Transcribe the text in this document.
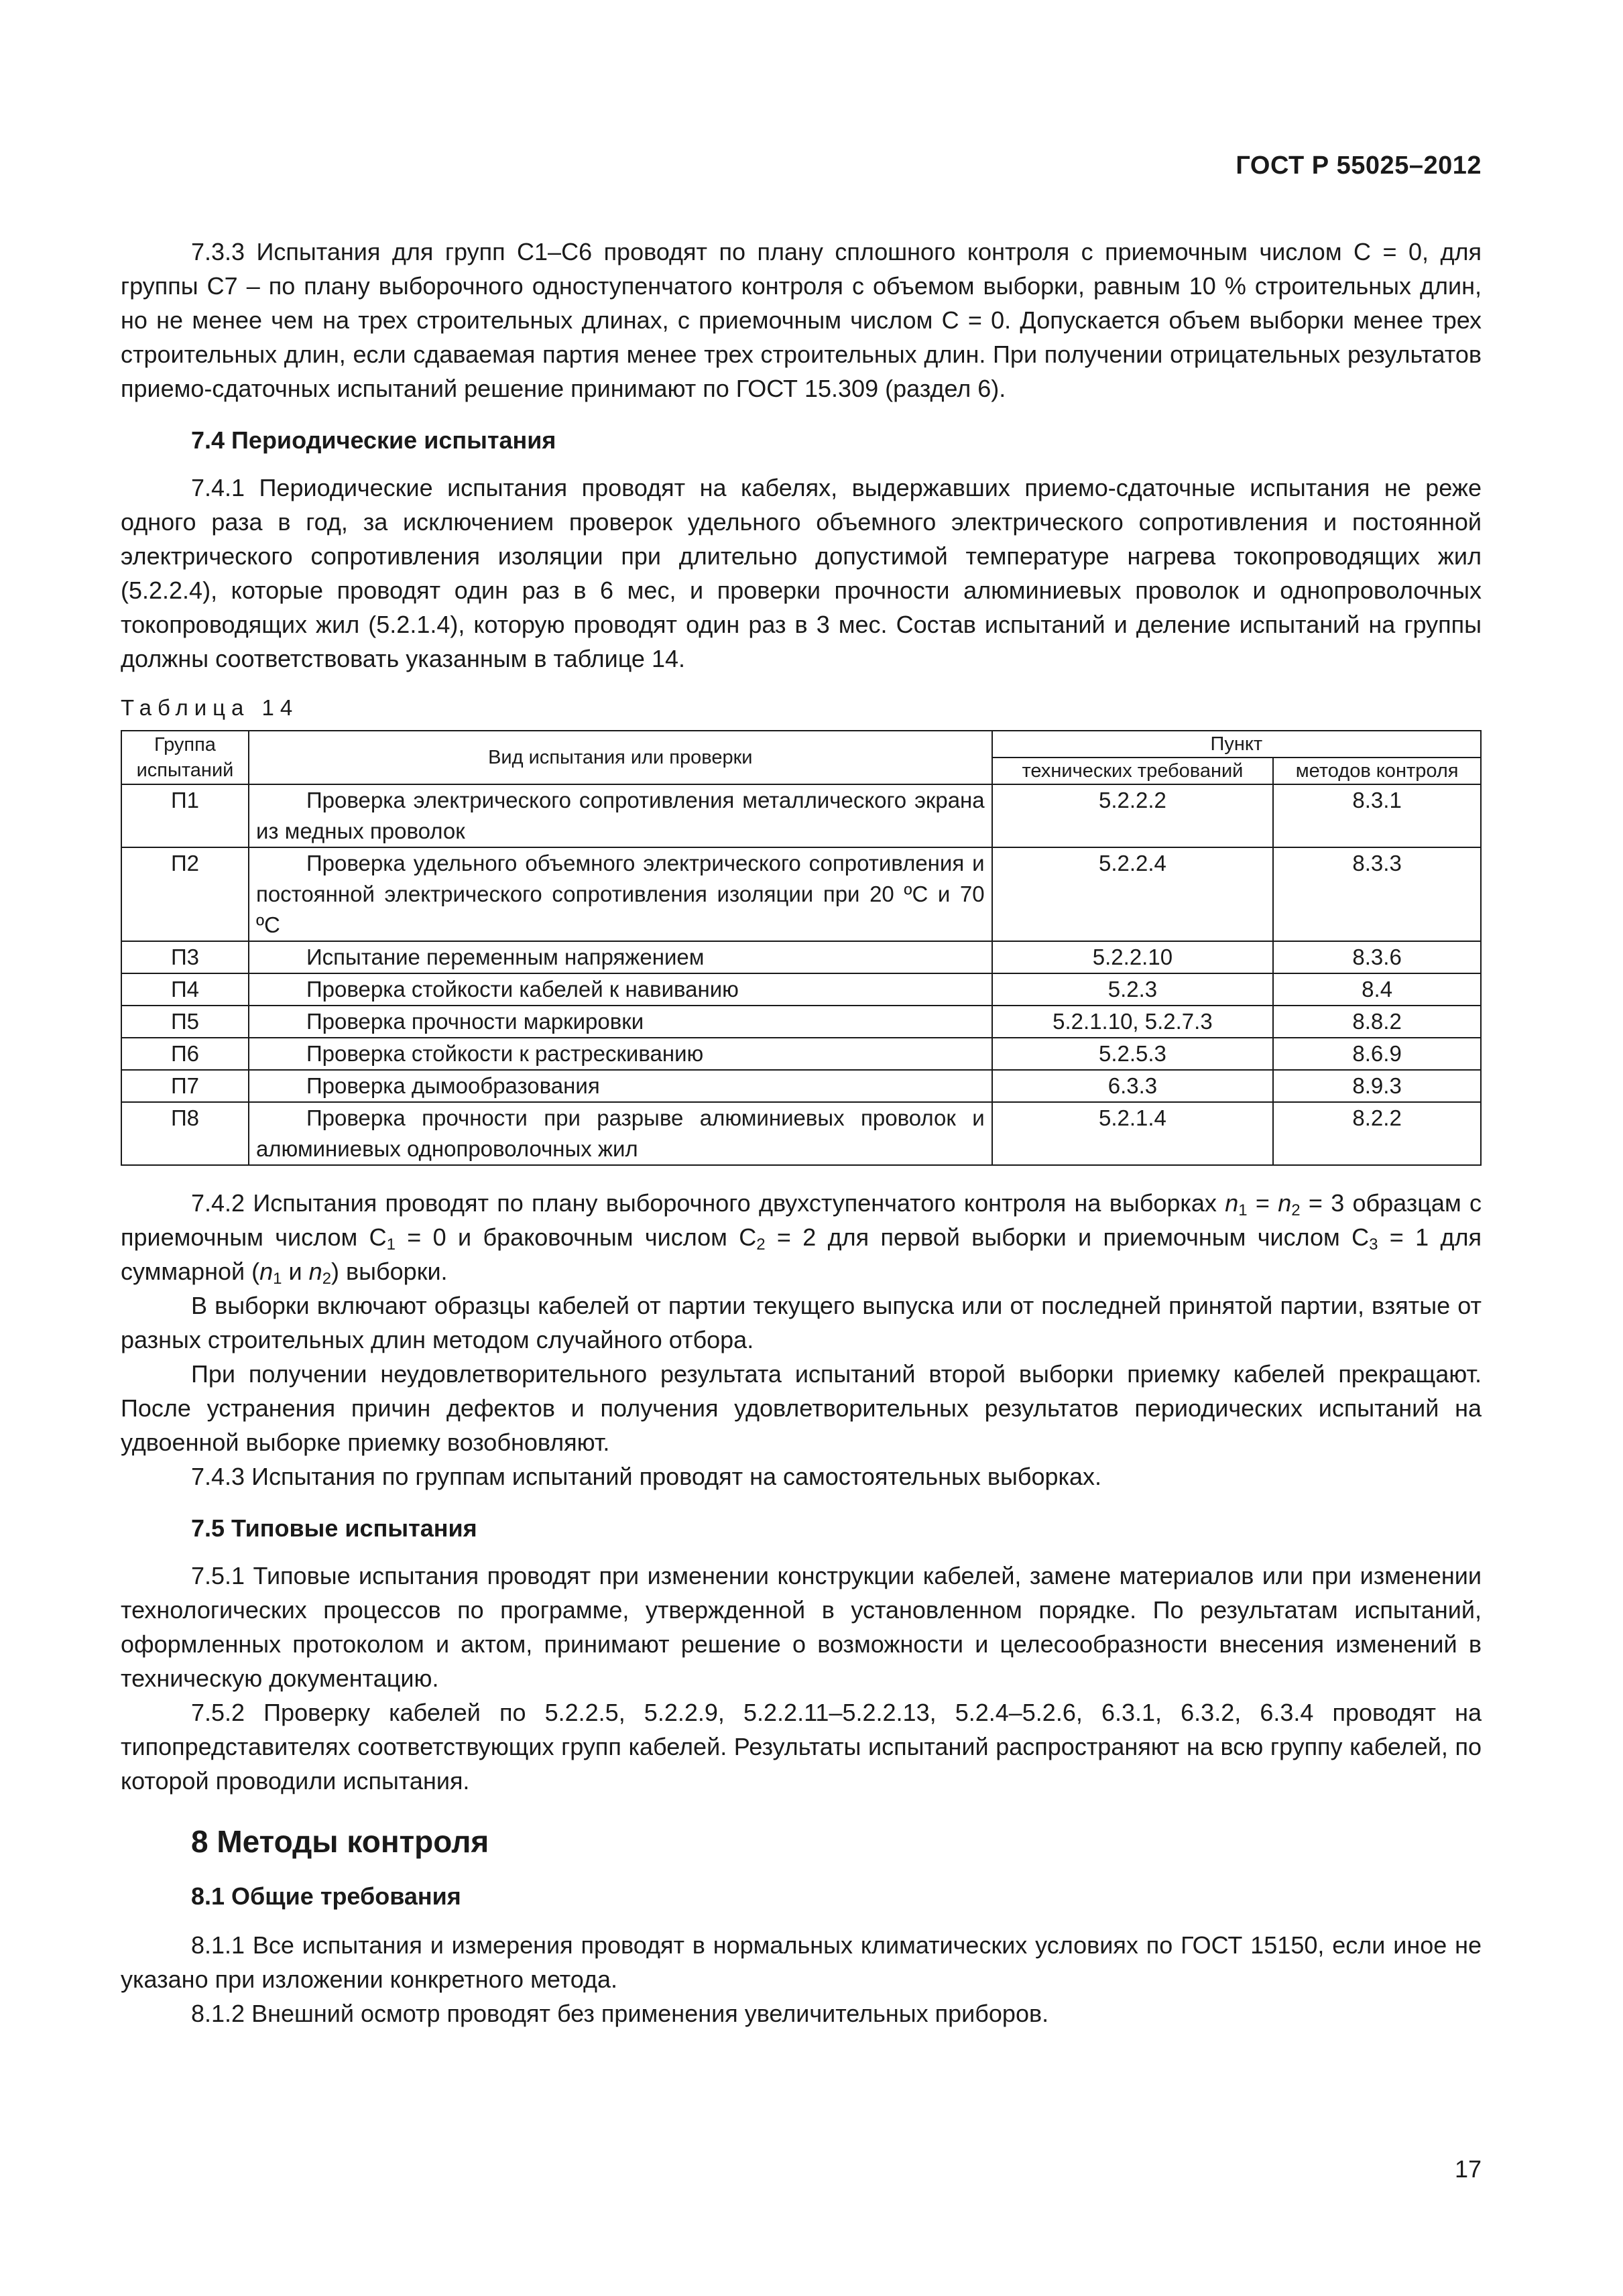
ГОСТ Р 55025–2012

7.3.3 Испытания для групп С1–С6 проводят по плану сплошного контроля с приемочным числом С = 0, для группы С7 – по плану выборочного одноступенчатого контроля с объемом выборки, равным 10 % строительных длин, но не менее чем на трех строительных длинах, с приемочным числом С = 0. Допускается объем выборки менее трех строительных длин, если сдаваемая партия менее трех строительных длин. При получении отрицательных результатов приемо-сдаточных испытаний решение принимают по ГОСТ 15.309 (раздел 6).

7.4 Периодические испытания

7.4.1 Периодические испытания проводят на кабелях, выдержавших приемо-сдаточные испытания не реже одного раза в год, за исключением проверок удельного объемного электрического сопротивления и постоянной электрического сопротивления изоляции при длительно допустимой температуре нагрева токопроводящих жил (5.2.2.4), которые проводят один раз в 6 мес, и проверки прочности алюминиевых проволок и однопроволочных токопроводящих жил (5.2.1.4), которую проводят один раз в 3 мес. Состав испытаний и деление испытаний на группы должны соответствовать указанным в таблице 14.

Таблица 14
Группа испытаний	Вид испытания или проверки	Пункт	
		технических требований	методов контроля
П1	Проверка электрического сопротивления металлического экрана из медных проволок	5.2.2.2	8.3.1
П2	Проверка удельного объемного электрического сопротивления и постоянной электрического сопротивления изоляции при 20 ºС и 70 ºС	5.2.2.4	8.3.3
П3	Испытание переменным напряжением	5.2.2.10	8.3.6
П4	Проверка стойкости кабелей к навиванию	5.2.3	8.4
П5	Проверка прочности маркировки	5.2.1.10, 5.2.7.3	8.8.2
П6	Проверка стойкости к растрескиванию	5.2.5.3	8.6.9
П7	Проверка дымообразования	6.3.3	8.9.3
П8	Проверка прочности при разрыве алюминиевых проволок и алюминиевых однопроволочных жил	5.2.1.4	8.2.2

7.4.2 Испытания проводят по плану выборочного двухступенчатого контроля на выборках $n_1 = n_2 = 3$ образцам с приемочным числом $С_1 = 0$ и браковочным числом $С_2 = 2$ для первой выборки и приемочным числом $С_3 = 1$ для суммарной ($n_1$ и $n_2$) выборки.

В выборки включают образцы кабелей от партии текущего выпуска или от последней принятой партии, взятые от разных строительных длин методом случайного отбора.

При получении неудовлетворительного результата испытаний второй выборки приемку кабелей прекращают. После устранения причин дефектов и получения удовлетворительных результатов периодических испытаний на удвоенной выборке приемку возобновляют.

7.4.3 Испытания по группам испытаний проводят на самостоятельных выборках.

7.5 Типовые испытания

7.5.1 Типовые испытания проводят при изменении конструкции кабелей, замене материалов или при изменении технологических процессов по программе, утвержденной в установленном порядке. По результатам испытаний, оформленных протоколом и актом, принимают решение о возможности и целесообразности внесения изменений в техническую документацию.

7.5.2 Проверку кабелей по 5.2.2.5, 5.2.2.9, 5.2.2.11–5.2.2.13, 5.2.4–5.2.6, 6.3.1, 6.3.2, 6.3.4 проводят на типопредставителях соответствующих групп кабелей. Результаты испытаний распространяют на всю группу кабелей, по которой проводили испытания.

8 Методы контроля
8.1 Общие требования

8.1.1 Все испытания и измерения проводят в нормальных климатических условиях по ГОСТ 15150, если иное не указано при изложении конкретного метода.

8.1.2 Внешний осмотр проводят без применения увеличительных приборов.

17
